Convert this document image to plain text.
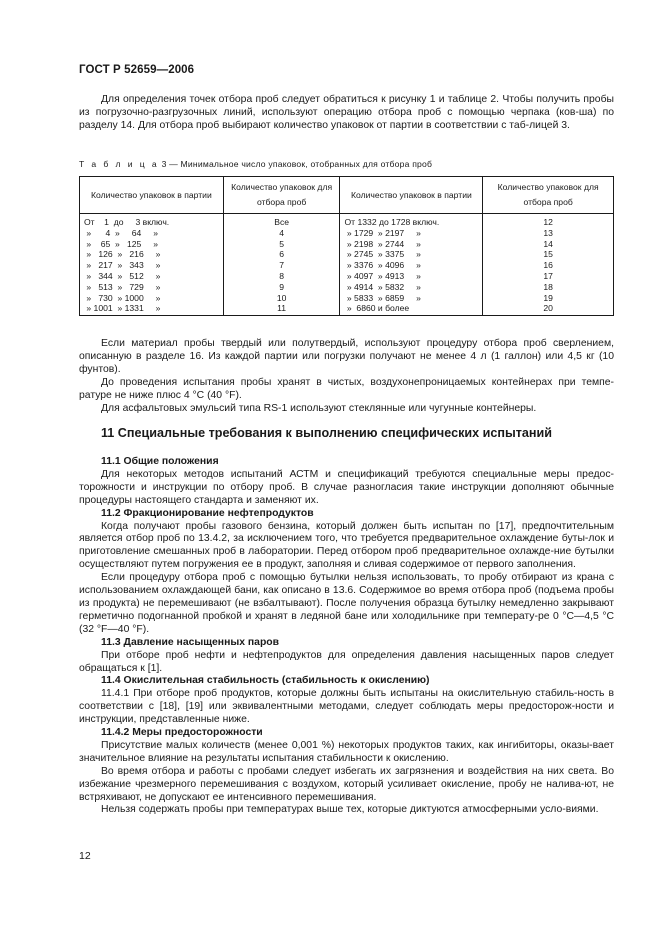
ГОСТ Р 52659—2006

Для определения точек отбора проб следует обратиться к рисунку 1 и таблице 2. Чтобы получить пробы из погрузочно-разгрузочных линий, используют операцию отбора проб с помощью черпака (ков-ша) по разделу 14. Для отбора проб выбирают количество упаковок от партии в соответствии с таб-лицей 3.

Т а б л и ц а 3 — Минимальное число упаковок, отобранных для отбора проб
Количество упаковок в партии	Количество упаковок для отбора проб	Количество упаковок в партии	Количество упаковок для отбора проб
От    1  до     3 включ.	Все	От 1332 до 1728 включ.	12
»      4  »     64     »	4	» 1729  » 2197     »	13
»    65  »   125     »	5	» 2198  » 2744     »	14
»   126  »   216     »	6	» 2745  » 3375     »	15
»   217  »   343     »	7	» 3376  » 4096     »	16
»   344  »   512     »	8	» 4097  » 4913     »	17
»   513  »   729     »	9	» 4914  » 5832     »	18
»   730  » 1000     »	10	» 5833  » 6859     »	19
» 1001  » 1331     »	11	»  6860 и более	20

Если материал пробы твердый или полутвердый, используют процедуру отбора проб сверлением, описанную в разделе 16. Из каждой партии или погрузки получают не менее 4 л (1 галлон) или 4,5 кг (10 фунтов).

До проведения испытания пробы хранят в чистых, воздухонепроницаемых контейнерах при темпе-ратуре не ниже плюс 4 °С (40 °F).

Для асфальтовых эмульсий типа RS-1 используют стеклянные или чугунные контейнеры.

11 Специальные требования к выполнению специфических испытаний
11.1 Общие положения

Для некоторых методов испытаний АСТМ и спецификаций требуются специальные меры предос-торожности и инструкции по отбору проб. В случае разногласия такие инструкции дополняют обычные процедуры настоящего стандарта и заменяют их.

11.2 Фракционирование нефтепродуктов

Когда получают пробы газового бензина, который должен быть испытан по [17], предпочтительным является отбор проб по 13.4.2, за исключением того, что требуется предварительное охлаждение буты-лок и приготовление смешанных проб в лаборатории. Перед отбором проб предварительное охлажде-ние бутылки осуществляют путем погружения ее в продукт, заполняя и сливая содержимое от первого заполнения.

Если процедуру отбора проб с помощью бутылки нельзя использовать, то пробу отбирают из крана с использованием охлаждающей бани, как описано в 13.6. Содержимое во время отбора проб (подъема пробы из продукта) не перемешивают (не взбалтывают). После получения образца бутылку немедленно закрывают герметично подогнанной пробкой и хранят в ледяной бане или холодильнике при температу-ре 0 °С—4,5 °С (32 °F—40 °F).

11.3 Давление насыщенных паров

При отборе проб нефти и нефтепродуктов для определения давления насыщенных паров следует обращаться к [1].

11.4 Окислительная стабильность (стабильность к окислению)

11.4.1 При отборе проб продуктов, которые должны быть испытаны на окислительную стабиль-ность в соответствии с [18], [19] или эквивалентными методами, следует соблюдать меры предосторож-ности и инструкции, представленные ниже.

11.4.2 Меры предосторожности

Присутствие малых количеств (менее 0,001 %) некоторых продуктов таких, как ингибиторы, оказы-вает значительное влияние на результаты испытания стабильности к окислению.

Во время отбора и работы с пробами следует избегать их загрязнения и воздействия на них света. Во избежание чрезмерного перемешивания с воздухом, который усиливает окисление, пробу не налива-ют, не встряхивают, не допускают ее интенсивного перемешивания.

Нельзя содержать пробы при температурах выше тех, которые диктуются атмосферными усло-виями.

12
